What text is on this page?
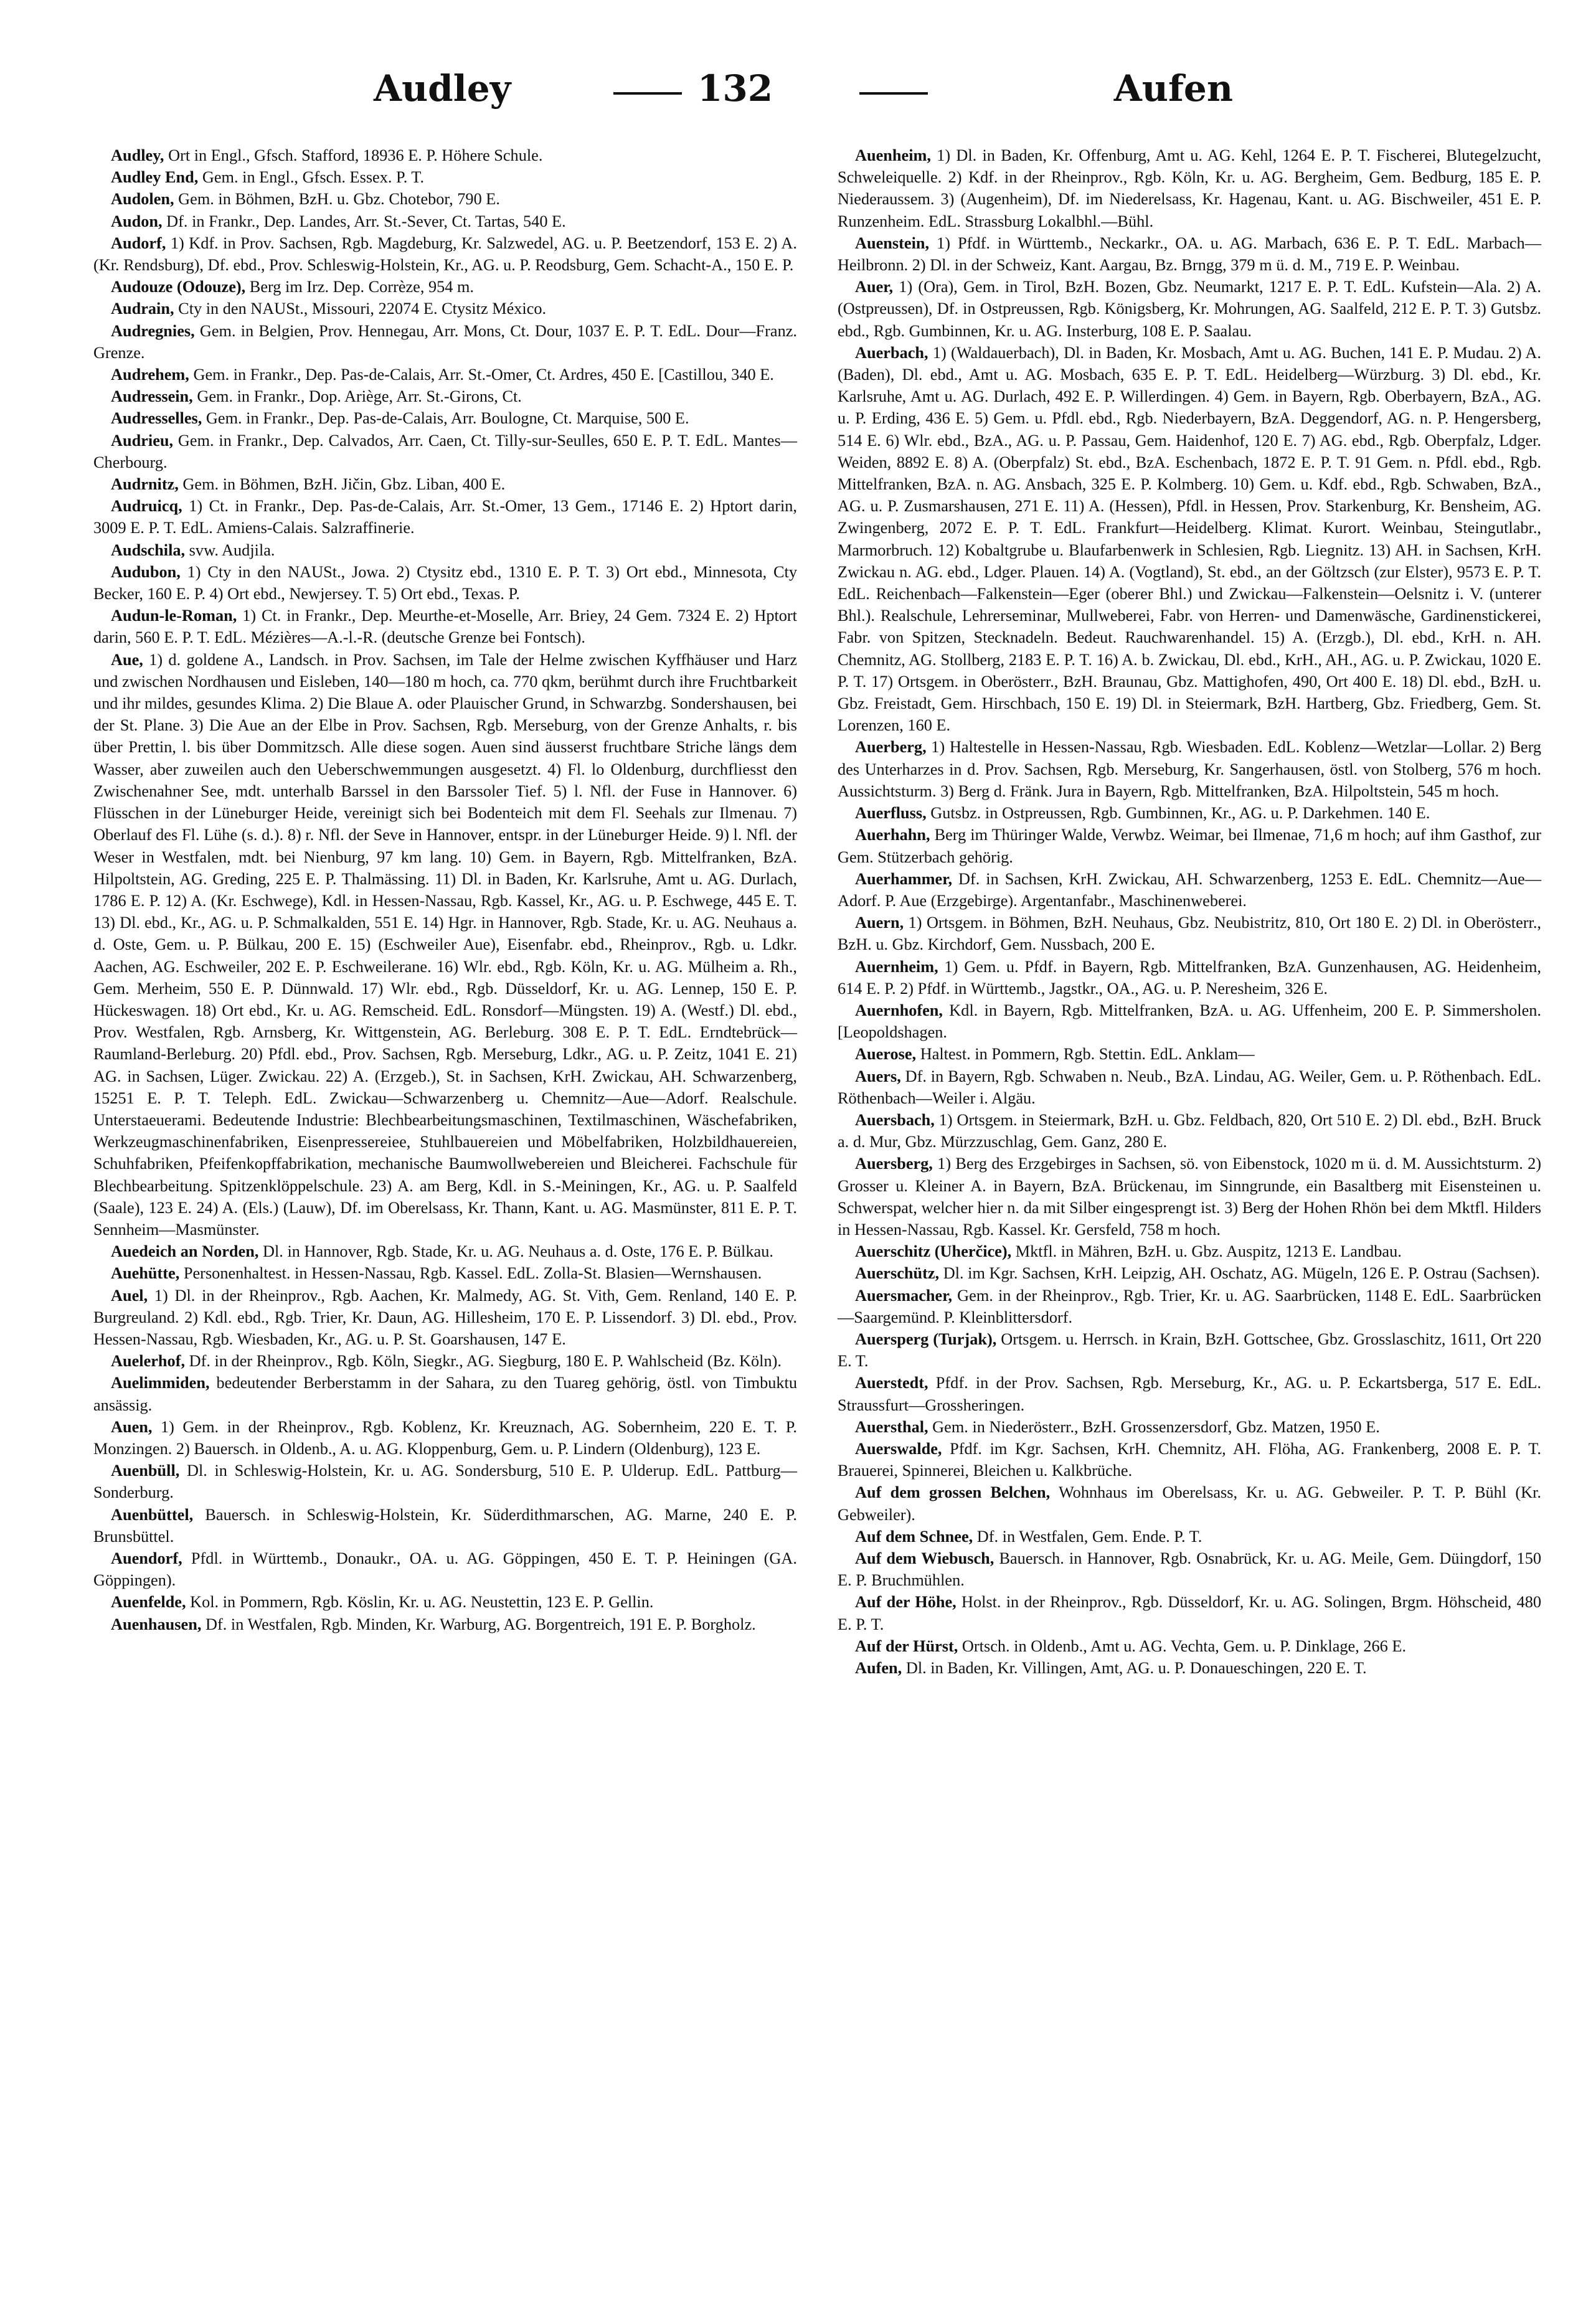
Audley	132	Aufen

Audley, Ort in Engl., Gfsch. Stafford, 18936 E. P. Höhere Schule.

Audley End, Gem. in Engl., Gfsch. Essex. P. T.

Audolen, Gem. in Böhmen, BzH. u. Gbz. Chotebor, 790 E.

Audon, Df. in Frankr., Dep. Landes, Arr. St.-Sever, Ct. Tartas, 540 E.

Audorf, 1) Kdf. in Prov. Sachsen, Rgb. Magdeburg, Kr. Salzwedel, AG. u. P. Beetzendorf, 153 E. 2) A. (Kr. Rendsburg), Df. ebd., Prov. Schleswig-Holstein, Kr., AG. u. P. Reodsburg, Gem. Schacht-A., 150 E. P.

Audouze (Odouze), Berg im Irz. Dep. Corrèze, 954 m.

Audrain, Cty in den NAUSt., Missouri, 22074 E. Ctysitz México.

Audregnies, Gem. in Belgien, Prov. Hennegau, Arr. Mons, Ct. Dour, 1037 E. P. T. EdL. Dour—Franz. Grenze.

Audrehem, Gem. in Frankr., Dep. Pas-de-Calais, Arr. St.-Omer, Ct. Ardres, 450 E. [Castillou, 340 E.

Audressein, Gem. in Frankr., Dop. Ariège, Arr. St.-Girons, Ct.

Audresselles, Gem. in Frankr., Dep. Pas-de-Calais, Arr. Boulogne, Ct. Marquise, 500 E.

Audrieu, Gem. in Frankr., Dep. Calvados, Arr. Caen, Ct. Tilly-sur-Seulles, 650 E. P. T. EdL. Mantes—Cherbourg.

Audrnitz, Gem. in Böhmen, BzH. Jičin, Gbz. Liban, 400 E.

Audruicq, 1) Ct. in Frankr., Dep. Pas-de-Calais, Arr. St.-Omer, 13 Gem., 17146 E. 2) Hptort darin, 3009 E. P. T. EdL. Amiens-Calais. Salzraffinerie.

Audschila, svw. Audjila.

Audubon, 1) Cty in den NAUSt., Jowa. 2) Ctysitz ebd., 1310 E. P. T. 3) Ort ebd., Minnesota, Cty Becker, 160 E. P. 4) Ort ebd., Newjersey. T. 5) Ort ebd., Texas. P.

Audun-le-Roman, 1) Ct. in Frankr., Dep. Meurthe-et-Moselle, Arr. Briey, 24 Gem. 7324 E. 2) Hptort darin, 560 E. P. T. EdL. Mézières—A.-l.-R. (deutsche Grenze bei Fontsch).

Aue, 1) d. goldene A., Landsch. in Prov. Sachsen, im Tale der Helme zwischen Kyffhäuser und Harz und zwischen Nordhausen und Eisleben, 140—180 m hoch, ca. 770 qkm, berühmt durch ihre Fruchtbarkeit und ihr mildes, gesundes Klima. 2) Die Blaue A. oder Plauischer Grund, in Schwarzbg. Sondershausen, bei der St. Plane. 3) Die Aue an der Elbe in Prov. Sachsen, Rgb. Merseburg, von der Grenze Anhalts, r. bis über Prettin, l. bis über Dommitzsch. Alle diese sogen. Auen sind äusserst fruchtbare Striche längs dem Wasser, aber zuweilen auch den Ueberschwemmungen ausgesetzt. 4) Fl. lo Oldenburg, durchfliesst den Zwischenahner See, mdt. unterhalb Barssel in den Barssoler Tief. 5) l. Nfl. der Fuse in Hannover. 6) Flüsschen in der Lüneburger Heide, vereinigt sich bei Bodenteich mit dem Fl. Seehals zur Ilmenau. 7) Oberlauf des Fl. Lühe (s. d.). 8) r. Nfl. der Seve in Hannover, entspr. in der Lüneburger Heide. 9) l. Nfl. der Weser in Westfalen, mdt. bei Nienburg, 97 km lang. 10) Gem. in Bayern, Rgb. Mittelfranken, BzA. Hilpoltstein, AG. Greding, 225 E. P. Thalmässing. 11) Dl. in Baden, Kr. Karlsruhe, Amt u. AG. Durlach, 1786 E. P. 12) A. (Kr. Eschwege), Kdl. in Hessen-Nassau, Rgb. Kassel, Kr., AG. u. P. Eschwege, 445 E. T. 13) Dl. ebd., Kr., AG. u. P. Schmalkalden, 551 E. 14) Hgr. in Hannover, Rgb. Stade, Kr. u. AG. Neuhaus a. d. Oste, Gem. u. P. Bülkau, 200 E. 15) (Eschweiler Aue), Eisenfabr. ebd., Rheinprov., Rgb. u. Ldkr. Aachen, AG. Eschweiler, 202 E. P. Eschweilerane. 16) Wlr. ebd., Rgb. Köln, Kr. u. AG. Mülheim a. Rh., Gem. Merheim, 550 E. P. Dünnwald. 17) Wlr. ebd., Rgb. Düsseldorf, Kr. u. AG. Lennep, 150 E. P. Hückeswagen. 18) Ort ebd., Kr. u. AG. Remscheid. EdL. Ronsdorf—Müngsten. 19) A. (Westf.) Dl. ebd., Prov. Westfalen, Rgb. Arnsberg, Kr. Wittgenstein, AG. Berleburg. 308 E. P. T. EdL. Erndtebrück—Raumland-Berleburg. 20) Pfdl. ebd., Prov. Sachsen, Rgb. Merseburg, Ldkr., AG. u. P. Zeitz, 1041 E. 21) AG. in Sachsen, Lüger. Zwickau. 22) A. (Erzgeb.), St. in Sachsen, KrH. Zwickau, AH. Schwarzenberg, 15251 E. P. T. Teleph. EdL. Zwickau—Schwarzenberg u. Chemnitz—Aue—Adorf. Realschule. Unterstaeuerami. Bedeutende Industrie: Blechbearbeitungsmaschinen, Textilmaschinen, Wäschefabriken, Werkzeugmaschinenfabriken, Eisenpressereiee, Stuhlbauereien und Möbelfabriken, Holzbildhauereien, Schuhfabriken, Pfeifenkopffabrikation, mechanische Baumwollwebereien und Bleicherei. Fachschule für Blechbearbeitung. Spitzenklöppelschule. 23) A. am Berg, Kdl. in S.-Meiningen, Kr., AG. u. P. Saalfeld (Saale), 123 E. 24) A. (Els.) (Lauw), Df. im Oberelsass, Kr. Thann, Kant. u. AG. Masmünster, 811 E. P. T. Sennheim—Masmünster.

Auedeich an Norden, Dl. in Hannover, Rgb. Stade, Kr. u. AG. Neuhaus a. d. Oste, 176 E. P. Bülkau.

Auehütte, Personenhaltest. in Hessen-Nassau, Rgb. Kassel. EdL. Zolla-St. Blasien—Wernshausen.

Auel, 1) Dl. in der Rheinprov., Rgb. Aachen, Kr. Malmedy, AG. St. Vith, Gem. Renland, 140 E. P. Burgreuland. 2) Kdl. ebd., Rgb. Trier, Kr. Daun, AG. Hillesheim, 170 E. P. Lissendorf. 3) Dl. ebd., Prov. Hessen-Nassau, Rgb. Wiesbaden, Kr., AG. u. P. St. Goarshausen, 147 E.

Auelerhof, Df. in der Rheinprov., Rgb. Köln, Siegkr., AG. Siegburg, 180 E. P. Wahlscheid (Bz. Köln).

Auelimmiden, bedeutender Berberstamm in der Sahara, zu den Tuareg gehörig, östl. von Timbuktu ansässig.

Auen, 1) Gem. in der Rheinprov., Rgb. Koblenz, Kr. Kreuznach, AG. Sobernheim, 220 E. T. P. Monzingen. 2) Bauersch. in Oldenb., A. u. AG. Kloppenburg, Gem. u. P. Lindern (Oldenburg), 123 E.

Auenbüll, Dl. in Schleswig-Holstein, Kr. u. AG. Sondersburg, 510 E. P. Ulderup. EdL. Pattburg—Sonderburg.

Auenbüttel, Bauersch. in Schleswig-Holstein, Kr. Süderdithmarschen, AG. Marne, 240 E. P. Brunsbüttel.

Auendorf, Pfdl. in Württemb., Donaukr., OA. u. AG. Göppingen, 450 E. T. P. Heiningen (GA. Göppingen).

Auenfelde, Kol. in Pommern, Rgb. Köslin, Kr. u. AG. Neustettin, 123 E. P. Gellin.

Auenhausen, Df. in Westfalen, Rgb. Minden, Kr. Warburg, AG. Borgentreich, 191 E. P. Borgholz.

Auenheim, 1) Dl. in Baden, Kr. Offenburg, Amt u. AG. Kehl, 1264 E. P. T. Fischerei, Blutegelzucht, Schweleiquelle. 2) Kdf. in der Rheinprov., Rgb. Köln, Kr. u. AG. Bergheim, Gem. Bedburg, 185 E. P. Niederaussem. 3) (Augenheim), Df. im Niederelsass, Kr. Hagenau, Kant. u. AG. Bischweiler, 451 E. P. Runzenheim. EdL. Strassburg Lokalbhl.—Bühl.

Auenstein, 1) Pfdf. in Württemb., Neckarkr., OA. u. AG. Marbach, 636 E. P. T. EdL. Marbach—Heilbronn. 2) Dl. in der Schweiz, Kant. Aargau, Bz. Brngg, 379 m ü. d. M., 719 E. P. Weinbau.

Auer, 1) (Ora), Gem. in Tirol, BzH. Bozen, Gbz. Neumarkt, 1217 E. P. T. EdL. Kufstein—Ala. 2) A. (Ostpreussen), Df. in Ostpreussen, Rgb. Königsberg, Kr. Mohrungen, AG. Saalfeld, 212 E. P. T. 3) Gutsbz. ebd., Rgb. Gumbinnen, Kr. u. AG. Insterburg, 108 E. P. Saalau.

Auerbach, 1) (Waldauerbach), Dl. in Baden, Kr. Mosbach, Amt u. AG. Buchen, 141 E. P. Mudau. 2) A. (Baden), Dl. ebd., Amt u. AG. Mosbach, 635 E. P. T. EdL. Heidelberg—Würzburg. 3) Dl. ebd., Kr. Karlsruhe, Amt u. AG. Durlach, 492 E. P. Willerdingen. 4) Gem. in Bayern, Rgb. Oberbayern, BzA., AG. u. P. Erding, 436 E. 5) Gem. u. Pfdl. ebd., Rgb. Niederbayern, BzA. Deggendorf, AG. n. P. Hengersberg, 514 E. 6) Wlr. ebd., BzA., AG. u. P. Passau, Gem. Haidenhof, 120 E. 7) AG. ebd., Rgb. Oberpfalz, Ldger. Weiden, 8892 E. 8) A. (Oberpfalz) St. ebd., BzA. Eschenbach, 1872 E. P. T. 91 Gem. n. Pfdl. ebd., Rgb. Mittelfranken, BzA. n. AG. Ansbach, 325 E. P. Kolmberg. 10) Gem. u. Kdf. ebd., Rgb. Schwaben, BzA., AG. u. P. Zusmarshausen, 271 E. 11) A. (Hessen), Pfdl. in Hessen, Prov. Starkenburg, Kr. Bensheim, AG. Zwingenberg, 2072 E. P. T. EdL. Frankfurt—Heidelberg. Klimat. Kurort. Weinbau, Steingutlabr., Marmorbruch. 12) Kobaltgrube u. Blaufarbenwerk in Schlesien, Rgb. Liegnitz. 13) AH. in Sachsen, KrH. Zwickau n. AG. ebd., Ldger. Plauen. 14) A. (Vogtland), St. ebd., an der Göltzsch (zur Elster), 9573 E. P. T. EdL. Reichenbach—Falkenstein—Eger (oberer Bhl.) und Zwickau—Falkenstein—Oelsnitz i. V. (unterer Bhl.). Realschule, Lehrerseminar, Mullweberei, Fabr. von Herren- und Damenwäsche, Gardinenstickerei, Fabr. von Spitzen, Stecknadeln. Bedeut. Rauchwarenhandel. 15) A. (Erzgb.), Dl. ebd., KrH. n. AH. Chemnitz, AG. Stollberg, 2183 E. P. T. 16) A. b. Zwickau, Dl. ebd., KrH., AH., AG. u. P. Zwickau, 1020 E. P. T. 17) Ortsgem. in Oberösterr., BzH. Braunau, Gbz. Mattighofen, 490, Ort 400 E. 18) Dl. ebd., BzH. u. Gbz. Freistadt, Gem. Hirschbach, 150 E. 19) Dl. in Steiermark, BzH. Hartberg, Gbz. Friedberg, Gem. St. Lorenzen, 160 E.

Auerberg, 1) Haltestelle in Hessen-Nassau, Rgb. Wiesbaden. EdL. Koblenz—Wetzlar—Lollar. 2) Berg des Unterharzes in d. Prov. Sachsen, Rgb. Merseburg, Kr. Sangerhausen, östl. von Stolberg, 576 m hoch. Aussichtsturm. 3) Berg d. Fränk. Jura in Bayern, Rgb. Mittelfranken, BzA. Hilpoltstein, 545 m hoch.

Auerfluss, Gutsbz. in Ostpreussen, Rgb. Gumbinnen, Kr., AG. u. P. Darkehmen. 140 E.

Auerhahn, Berg im Thüringer Walde, Verwbz. Weimar, bei Ilmenae, 71,6 m hoch; auf ihm Gasthof, zur Gem. Stützerbach gehörig.

Auerhammer, Df. in Sachsen, KrH. Zwickau, AH. Schwarzenberg, 1253 E. EdL. Chemnitz—Aue—Adorf. P. Aue (Erzgebirge). Argentanfabr., Maschinenweberei.

Auern, 1) Ortsgem. in Böhmen, BzH. Neuhaus, Gbz. Neubistritz, 810, Ort 180 E. 2) Dl. in Oberösterr., BzH. u. Gbz. Kirchdorf, Gem. Nussbach, 200 E.

Auernheim, 1) Gem. u. Pfdf. in Bayern, Rgb. Mittelfranken, BzA. Gunzenhausen, AG. Heidenheim, 614 E. P. 2) Pfdf. in Württemb., Jagstkr., OA., AG. u. P. Neresheim, 326 E.

Auernhofen, Kdl. in Bayern, Rgb. Mittelfranken, BzA. u. AG. Uffenheim, 200 E. P. Simmersholen. [Leopoldshagen.

Auerose, Haltest. in Pommern, Rgb. Stettin. EdL. Anklam—

Auers, Df. in Bayern, Rgb. Schwaben n. Neub., BzA. Lindau, AG. Weiler, Gem. u. P. Röthenbach. EdL. Röthenbach—Weiler i. Algäu.

Auersbach, 1) Ortsgem. in Steiermark, BzH. u. Gbz. Feldbach, 820, Ort 510 E. 2) Dl. ebd., BzH. Bruck a. d. Mur, Gbz. Mürzzuschlag, Gem. Ganz, 280 E.

Auersberg, 1) Berg des Erzgebirges in Sachsen, sö. von Eibenstock, 1020 m ü. d. M. Aussichtsturm. 2) Grosser u. Kleiner A. in Bayern, BzA. Brückenau, im Sinngrunde, ein Basaltberg mit Eisensteinen u. Schwerspat, welcher hier n. da mit Silber eingesprengt ist. 3) Berg der Hohen Rhön bei dem Mktfl. Hilders in Hessen-Nassau, Rgb. Kassel. Kr. Gersfeld, 758 m hoch.

Auerschitz (Uherčice), Mktfl. in Mähren, BzH. u. Gbz. Auspitz, 1213 E. Landbau.

Auerschütz, Dl. im Kgr. Sachsen, KrH. Leipzig, AH. Oschatz, AG. Mügeln, 126 E. P. Ostrau (Sachsen).

Auersmacher, Gem. in der Rheinprov., Rgb. Trier, Kr. u. AG. Saarbrücken, 1148 E. EdL. Saarbrücken—Saargemünd. P. Kleinblittersdorf.

Auersperg (Turjak), Ortsgem. u. Herrsch. in Krain, BzH. Gottschee, Gbz. Grosslaschitz, 1611, Ort 220 E. T.

Auerstedt, Pfdf. in der Prov. Sachsen, Rgb. Merseburg, Kr., AG. u. P. Eckartsberga, 517 E. EdL. Straussfurt—Grossheringen.

Auersthal, Gem. in Niederösterr., BzH. Grossenzersdorf, Gbz. Matzen, 1950 E.

Auerswalde, Pfdf. im Kgr. Sachsen, KrH. Chemnitz, AH. Flöha, AG. Frankenberg, 2008 E. P. T. Brauerei, Spinnerei, Bleichen u. Kalkbrüche.

Auf dem grossen Belchen, Wohnhaus im Oberelsass, Kr. u. AG. Gebweiler. P. T. P. Bühl (Kr. Gebweiler).

Auf dem Schnee, Df. in Westfalen, Gem. Ende. P. T.

Auf dem Wiebusch, Bauersch. in Hannover, Rgb. Osnabrück, Kr. u. AG. Meile, Gem. Düingdorf, 150 E. P. Bruchmühlen.

Auf der Höhe, Holst. in der Rheinprov., Rgb. Düsseldorf, Kr. u. AG. Solingen, Brgm. Höhscheid, 480 E. P. T.

Auf der Hürst, Ortsch. in Oldenb., Amt u. AG. Vechta, Gem. u. P. Dinklage, 266 E.

Aufen, Dl. in Baden, Kr. Villingen, Amt, AG. u. P. Donaueschingen, 220 E. T.
